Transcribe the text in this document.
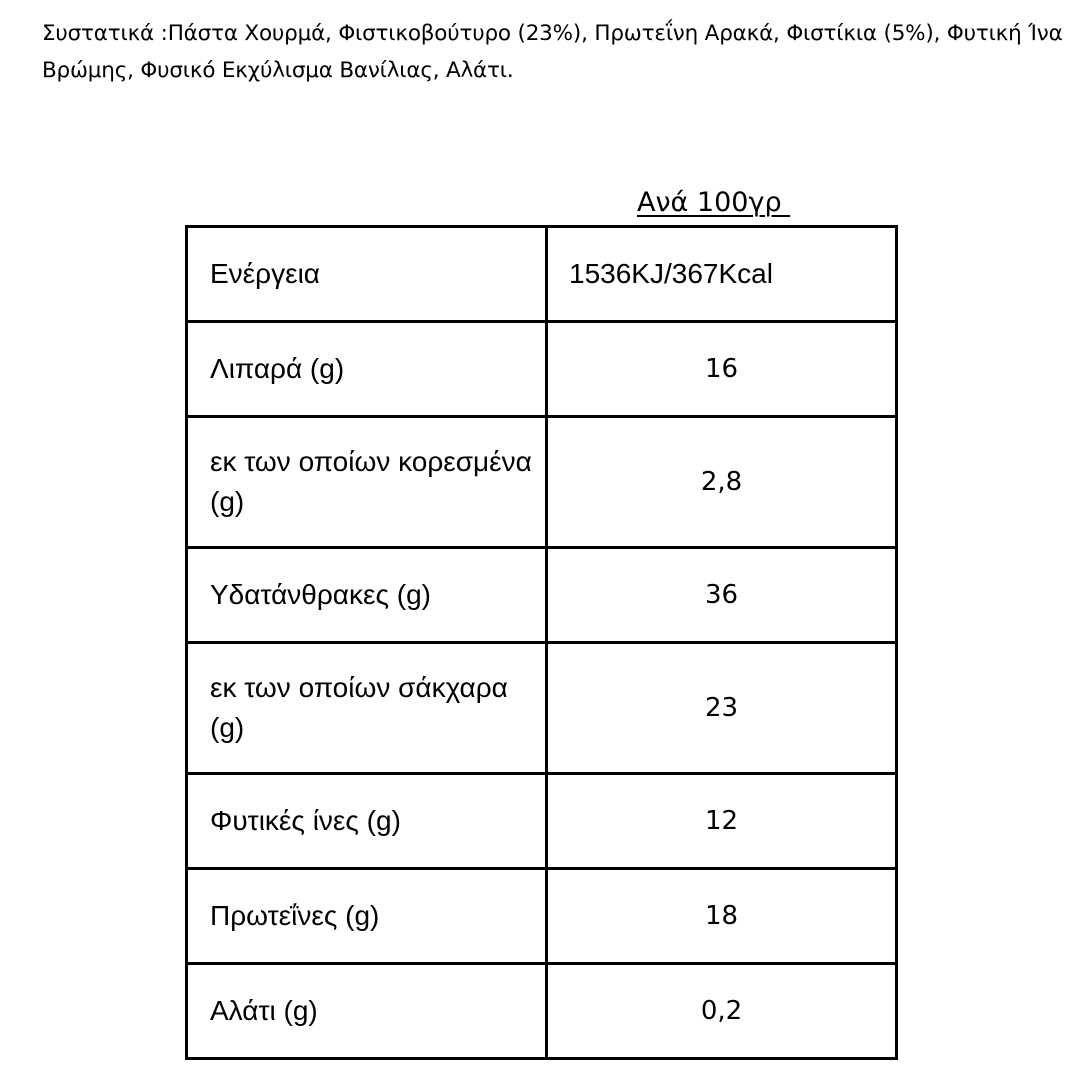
Συστατικά :Πάστα Χουρμά, Φιστικοβούτυρο (23%), Πρωτεΐνη Αρακά, Φιστίκια (5%), Φυτική Ίνα Βρώμης, Φυσικό Εκχύλισμα Βανίλιας, Αλάτι.

Ανά 100γρ
Ενέργεια	1536KJ/367Kcal
Λιπαρά (g)	16
εκ των οποίων κορεσμένα (g)	2,8
Υδατάνθρακες (g)	36
εκ των οποίων σάκχαρα (g)	23
Φυτικές ίνες (g)	12
Πρωτεΐνες (g)	18
Αλάτι (g)	0,2
